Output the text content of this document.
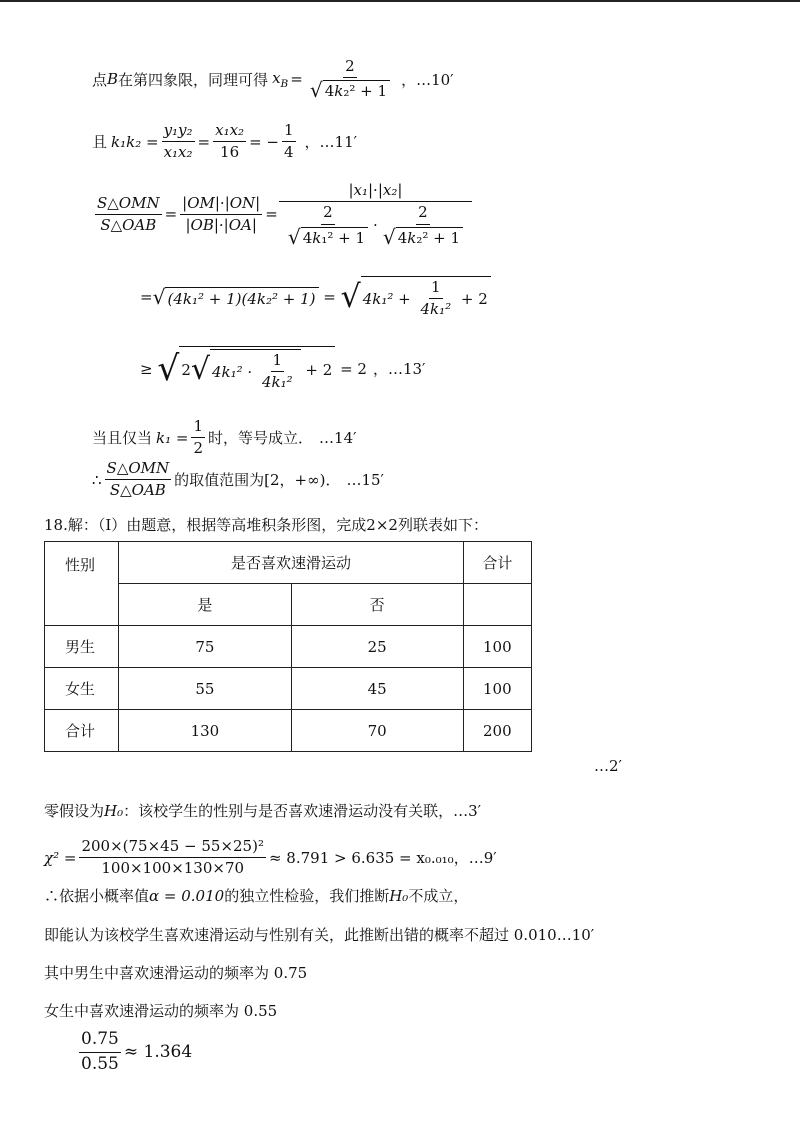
点 B 在第四象限，同理可得 $x_B = \frac{2}{\text{√ 4 k ₂² + 1}}$ ，…10′
且 $k_1k_2 = \frac{\text{y₁y₂}}{\text{x₁x₂}} = \frac{\text{x₁x₂}}{16}$ = − $\frac{1}{4}$ ，…11′
$\frac{\text{S△OMN}}{\text{S△OAB}} = \frac{|OM|\cdot|ON|}{|OB|\cdot|OA|} = \frac{\text{|x₁|·|x₂|}}{\frac{2}{\text{√ 4 k ₁² + 1}} \cdot \frac{2}{\text{√ 4 k ₂² + 1}}}$
= √ (4k₁² + 1)(4k₂² + 1) = √ $4k_1^2 + \frac{1}{\text{4k₁²}} + 2$
≥ √ 2 √ $4k_1^2 \cdot \frac{1}{\text{4k₁²}} + 2 = 2$ ，…13′
当且仅当 $k_1 = \frac{1}{2}$ 时，等号成立． …14′
∴ $\frac{\text{S△OMN}}{\text{S△OAB}}$ 的取值范围为[2，+∞)． …15′
18.解：（Ⅰ）由题意，根据等高堆积条形图，完成2×2列联表如下：
性别	是否喜欢速滑运动		合计
	是	否	
男生	75	25	100
女生	55	45	100
合计	130	70	200
…2′
零假设为 H₀ ：该校学生的性别与是否喜欢速滑运动没有关联，…3′
$\chi^2 = \frac{\text{200×(75×45 − 55×25)²}}{100\times 100\times 130\times 70} \approx 8.791 > 6.635 = x_0._{010}$ ，…9′
∴依据小概率值 α = 0.010 的独立性检验，我们推断 H₀ 不成立，
即能认为该校学生喜欢速滑运动与性别有关，此推断出错的概率不超过 0.010…10′
其中男生中喜欢速滑运动的频率为 0.75
女生中喜欢速滑运动的频率为 0.55
$\frac{0.75}{0.55} \approx 1.364$
